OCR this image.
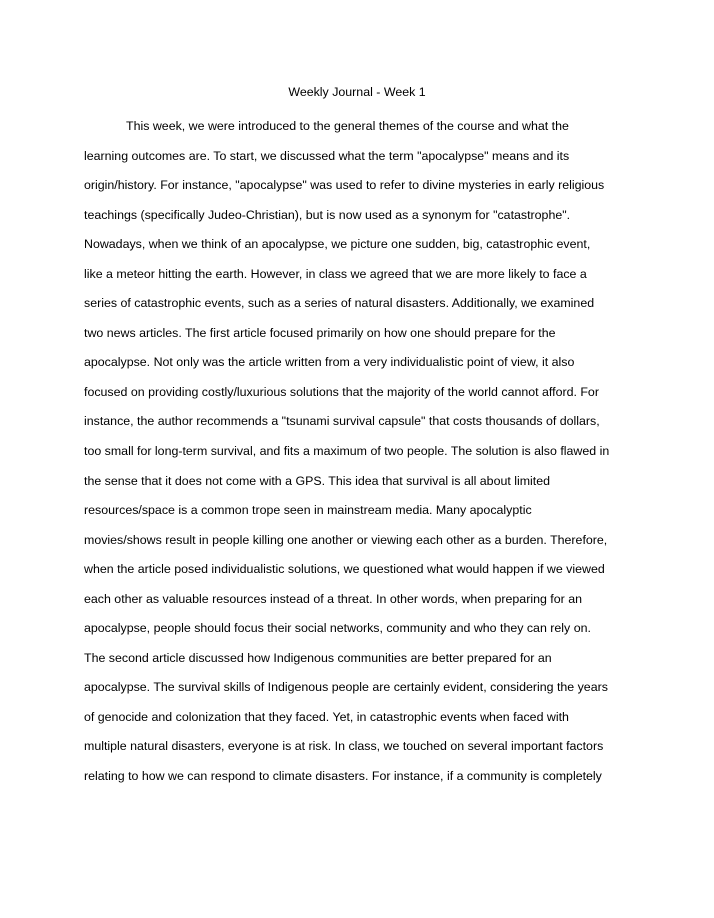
Weekly Journal - Week 1
This week, we were introduced to the general themes of the course and what the
learning outcomes are. To start, we discussed what the term "apocalypse" means and its
origin/history. For instance, "apocalypse" was used to refer to divine mysteries in early religious
teachings (specifically Judeo-Christian), but is now used as a synonym for "catastrophe".
Nowadays, when we think of an apocalypse, we picture one sudden, big, catastrophic event,
like a meteor hitting the earth. However, in class we agreed that we are more likely to face a
series of catastrophic events, such as a series of natural disasters. Additionally, we examined
two news articles. The first article focused primarily on how one should prepare for the
apocalypse. Not only was the article written from a very individualistic point of view, it also
focused on providing costly/luxurious solutions that the majority of the world cannot afford. For
instance, the author recommends a "tsunami survival capsule" that costs thousands of dollars,
too small for long-term survival, and fits a maximum of two people. The solution is also flawed in
the sense that it does not come with a GPS. This idea that survival is all about limited
resources/space is a common trope seen in mainstream media. Many apocalyptic
movies/shows result in people killing one another or viewing each other as a burden. Therefore,
when the article posed individualistic solutions, we questioned what would happen if we viewed
each other as valuable resources instead of a threat. In other words, when preparing for an
apocalypse, people should focus their social networks, community and who they can rely on.
The second article discussed how Indigenous communities are better prepared for an
apocalypse. The survival skills of Indigenous people are certainly evident, considering the years
of genocide and colonization that they faced. Yet, in catastrophic events when faced with
multiple natural disasters, everyone is at risk. In class, we touched on several important factors
relating to how we can respond to climate disasters. For instance, if a community is completely
